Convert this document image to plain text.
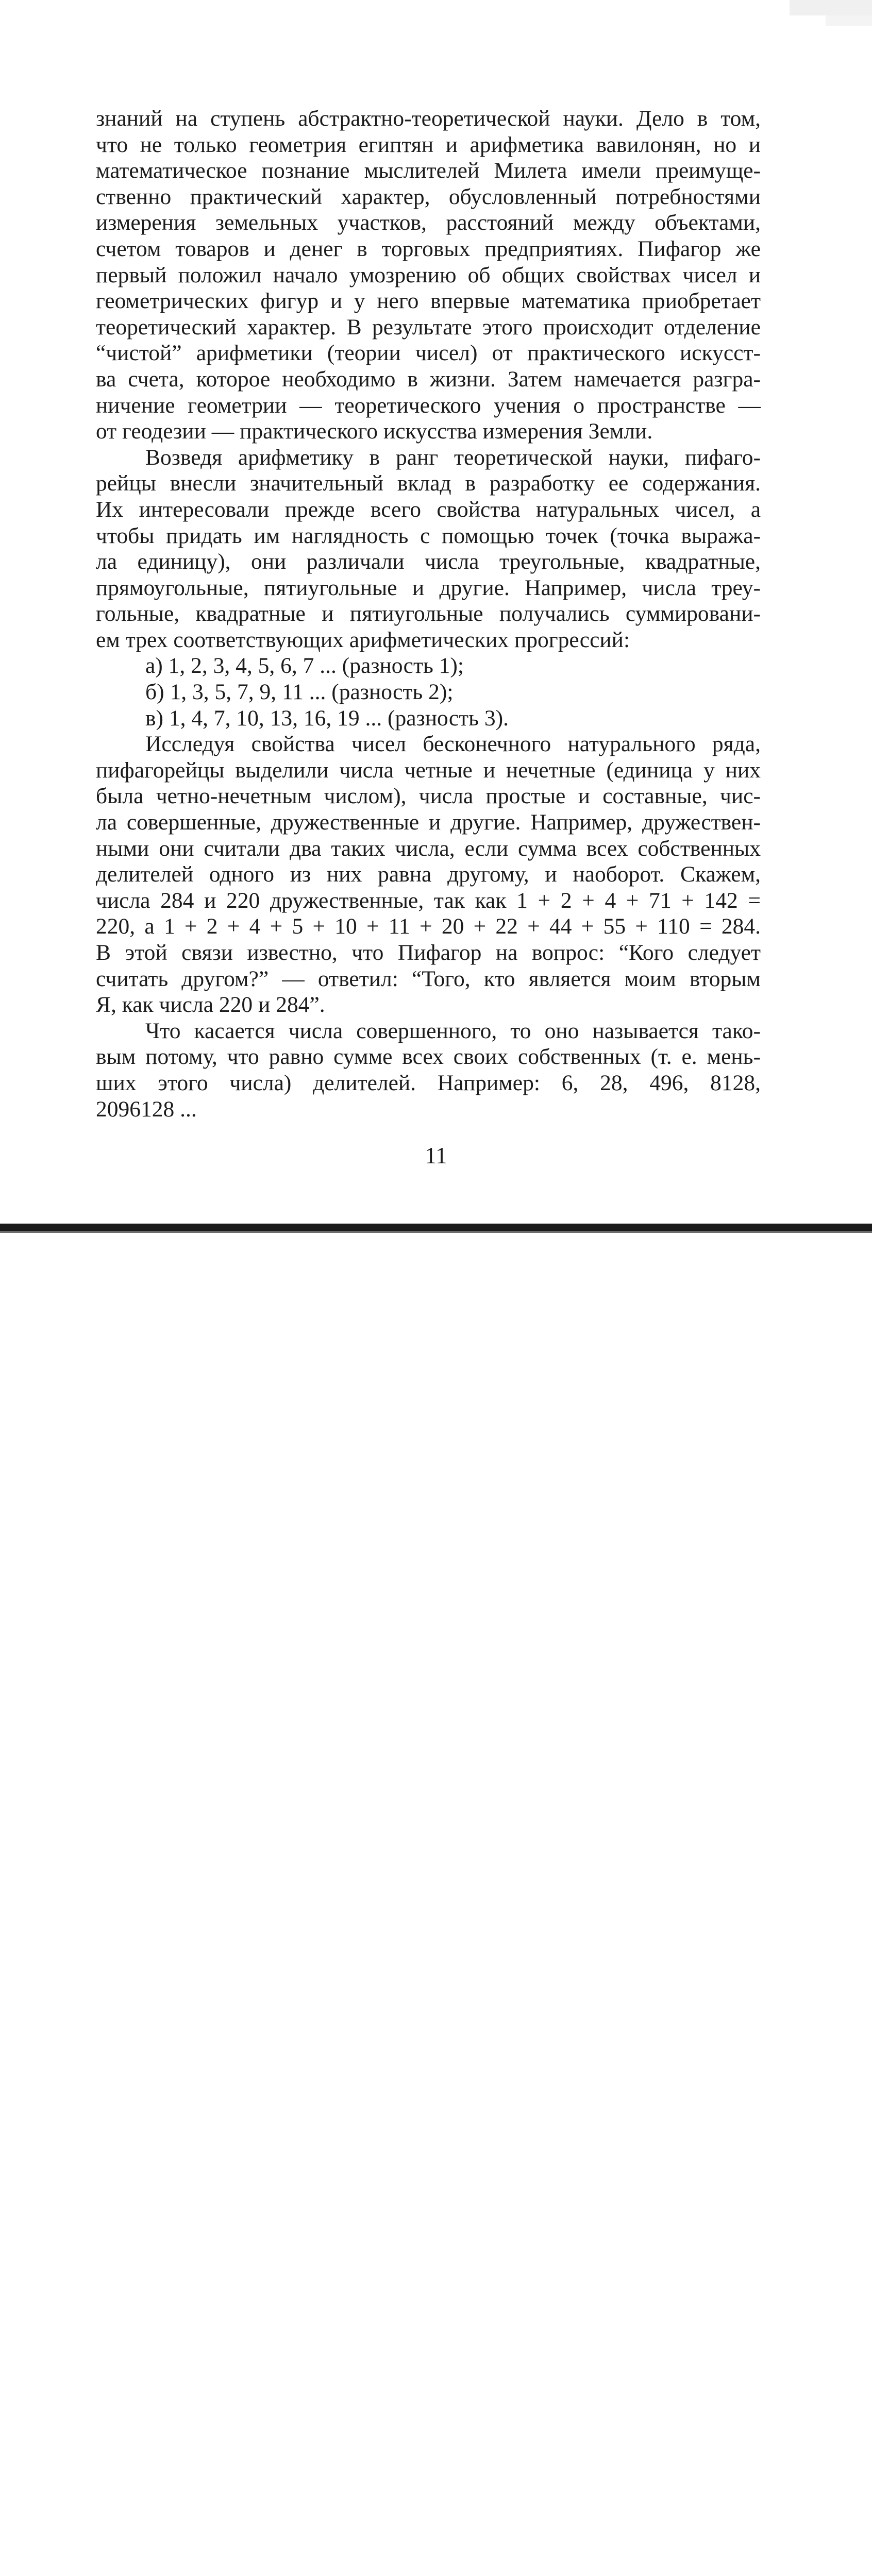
знаний на ступень абстрактно-теоретической науки. Дело в том,
что не только геометрия египтян и арифметика вавилонян, но и
математическое познание мыслителей Милета имели преимуще-
ственно практический характер, обусловленный потребностями
измерения земельных участков, расстояний между объектами,
счетом товаров и денег в торговых предприятиях. Пифагор же
первый положил начало умозрению об общих свойствах чисел и
геометрических фигур и у него впервые математика приобретает
теоретический характер. В результате этого происходит отделение
“чистой” арифметики (теории чисел) от практического искусст-
ва счета, которое необходимо в жизни. Затем намечается разгра-
ничение геометрии — теоретического учения о пространстве —
от геодезии — практического искусства измерения Земли.
Возведя арифметику в ранг теоретической науки, пифаго-
рейцы внесли значительный вклад в разработку ее содержания.
Их интересовали прежде всего свойства натуральных чисел, а
чтобы придать им наглядность с помощью точек (точка выража-
ла единицу), они различали числа треугольные, квадратные,
прямоугольные, пятиугольные и другие. Например, числа треу-
гольные, квадратные и пятиугольные получались суммировани-
ем трех соответствующих арифметических прогрессий:
а) 1, 2, 3, 4, 5, 6, 7 ... (разность 1);
б) 1, 3, 5, 7, 9, 11 ... (разность 2);
в) 1, 4, 7, 10, 13, 16, 19 ... (разность 3).
Исследуя свойства чисел бесконечного натурального ряда,
пифагорейцы выделили числа четные и нечетные (единица у них
была четно-нечетным числом), числа простые и составные, чис-
ла совершенные, дружественные и другие. Например, дружествен-
ными они считали два таких числа, если сумма всех собственных
делителей одного из них равна другому, и наоборот. Скажем,
числа 284 и 220 дружественные, так как 1 + 2 + 4 + 71 + 142 =
220, а 1 + 2 + 4 + 5 + 10 + 11 + 20 + 22 + 44 + 55 + 110 = 284.
В этой связи известно, что Пифагор на вопрос: “Кого следует
считать другом?” — ответил: “Того, кто является моим вторым
Я, как числа 220 и 284”.
Что касается числа совершенного, то оно называется тако-
вым потому, что равно сумме всех своих собственных (т. е. мень-
ших этого числа) делителей. Например: 6, 28, 496, 8128,
2096128 ...
11
